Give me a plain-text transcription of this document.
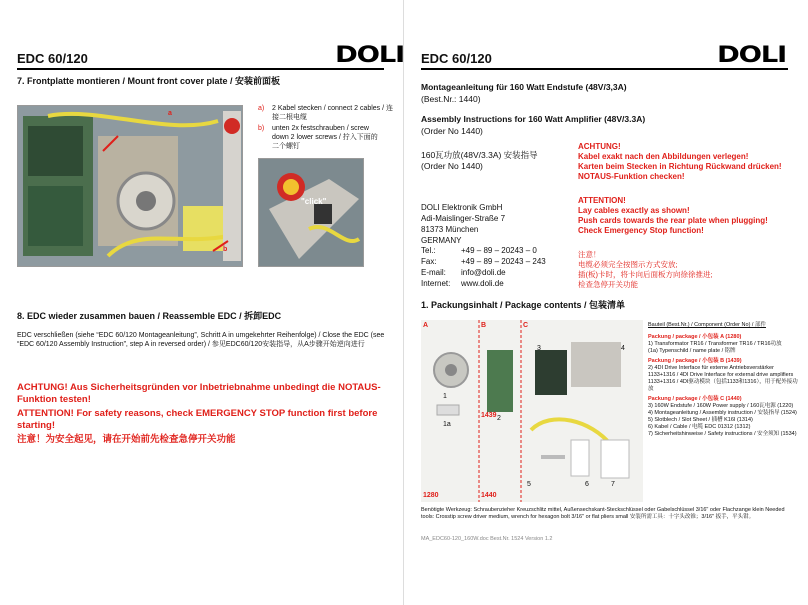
EDC 60/120	DOLI
7. Frontplatte montieren / Mount front cover plate / 安装前面板
a
b
"click"
a)	2 Kabel stecken / connect 2 cables / 连接二根电缆
b)	unten 2x festschrauben / screw down 2 lower screws / 拧入下面的二个螺钉
8. EDC wieder zusammen bauen / Reassemble EDC / 拆卸EDC
EDC verschließen (siehe “EDC 60/120 Montageanleitung”, Schritt A in umgekehrter Reihenfolge) / Close the EDC (see “EDC 60/120 Assembly Instruction”, step A in reversed order) / 参见EDC60/120安装指导，从A步骤开始逆向进行
ACHTUNG! Aus Sicherheitsgründen vor Inbetriebnahme unbedingt die NOTAUS-Funktion testen!
ATTENTION! For safety reasons, check EMERGENCY STOP function first before starting!
注意！为安全起见，请在开始前先检查急停开关功能
EDC 60/120	DOLI
Montageanleitung für 160 Watt Endstufe (48V/3,3A)
(Best.Nr.: 1440)
Assembly Instructions for 160 Watt Amplifier (48V/3.3A)
(Order No 1440)
160瓦功放(48V/3.3A) 安装指导
(Order No 1440)
ACHTUNG!
Kabel exakt nach den Abbildungen verlegen!
Karten beim Stecken in Richtung Rückwand drücken!
NOTAUS-Funktion checken!
ATTENTION!
Lay cables exactly as shown!
Push cards towards the rear plate when plugging!
Check Emergency Stop function!
注意！
电缆必须完全按图示方式安放;
插(板)卡时，将卡向后面板方向徐徐推进;
检查急停开关功能
DOLI Elektronik GmbH
Adi-Maislinger-Straße 7
81373 München
GERMANY
Tel.:	+49 – 89 – 20243 – 0
Fax:	+49 – 89 – 20243 – 243
E-mail: info@doli.de
Internet: www.doli.de
1. Packungsinhalt / Package contents / 包装清单
A	B	C
1439
1280	1440
1
1a
2
3	4
5	6	7
Bauteil (Best.Nr.) / Component (Order No) / 部件
Packung / package / 小包装 A (1280)
1) Transformator TR16 / Transformer TR16 / TR16功放
(1a) Typenschild / name plate / 铭牌
Packung / package / 小包装 B (1439)
2) 4DI Drive Interface für externe Antriebsverstärker 1133+1316 / 4DI Drive Interface for external drive amplifiers 1133+1316 / 4DI驱动模块（包括1133和1316），用于配外接功放
Packung / package / 小包装 C (1440)
3) 160W Endstufe / 160W Power supply / 160瓦电源 (1220)
4) Montageanleitung / Assembly instruction / 安装指导 (1524)
5) Slotblech / Slot Sheet / 插槽 K16I (1314)
6) Kabel / Cable / 电缆 EDC 01312 (1312)
7) Sicherheitshinweise / Safety instructions / 安全须知 (1534)
Benötigte Werkzeug: Schraubenzieher Kreuzschlitz mittel, Außensechskant-Steckschlüssel oder Gabelschlüssel 3/16" oder Flachzange klein Needed tools: Crosstip screw driver medium, wrench for hexagon bolt 3/16" or flat pliers small 安装所需工具：十字头改锥；3/16" 扳手，平头钳。
MA_EDC60-120_160W.doc Best.Nr. 1524 Version 1.2
